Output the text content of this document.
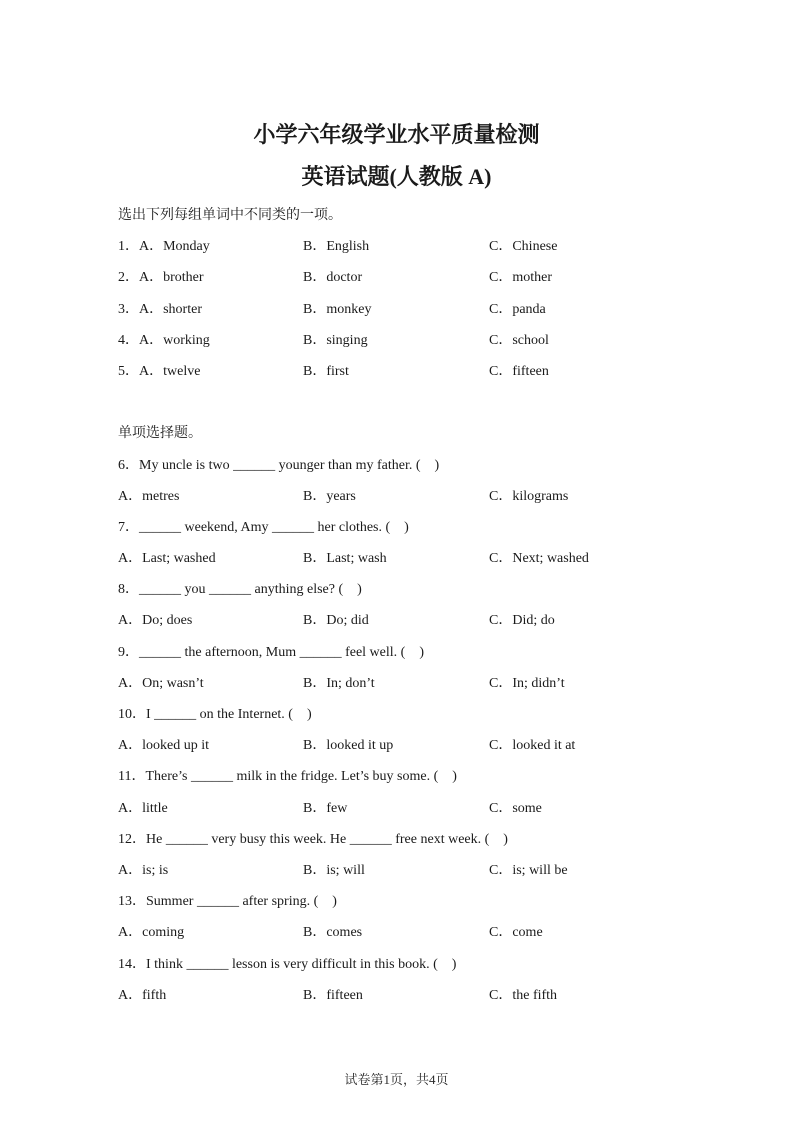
小学六年级学业水平质量检测
英语试题(人教版 A)

选出下列每组单词中不同类的一项。

1．A．Monday	B．English	C．Chinese
2．A．brother	B．doctor	C．mother
3．A．shorter	B．monkey	C．panda
4．A．working	B．singing	C．school
5．A．twelve	B．first	C．fifteen

单项选择题。

6．My uncle is two ______ younger than my father. (　)
A．metres	B．years	C．kilograms
7．______ weekend, Amy ______ her clothes. (　)
A．Last; washed	B．Last; wash	C．Next; washed
8．______ you ______ anything else? (　)
A．Do; does	B．Do; did	C．Did; do
9．______ the afternoon, Mum ______ feel well. (　)
A．On; wasn’t	B．In; don’t	C．In; didn’t
10．I ______ on the Internet. (　)
A．looked up it	B．looked it up	C．looked it at
11．There’s ______ milk in the fridge. Let’s buy some. (　)
A．little	B．few	C．some
12．He ______ very busy this week. He ______ free next week. (　)
A．is; is	B．is; will	C．is; will be
13．Summer ______ after spring. (　)
A．coming	B．comes	C．come
14．I think ______ lesson is very difficult in this book. (　)
A．fifth	B．fifteen	C．the fifth
试卷第1页，共4页
